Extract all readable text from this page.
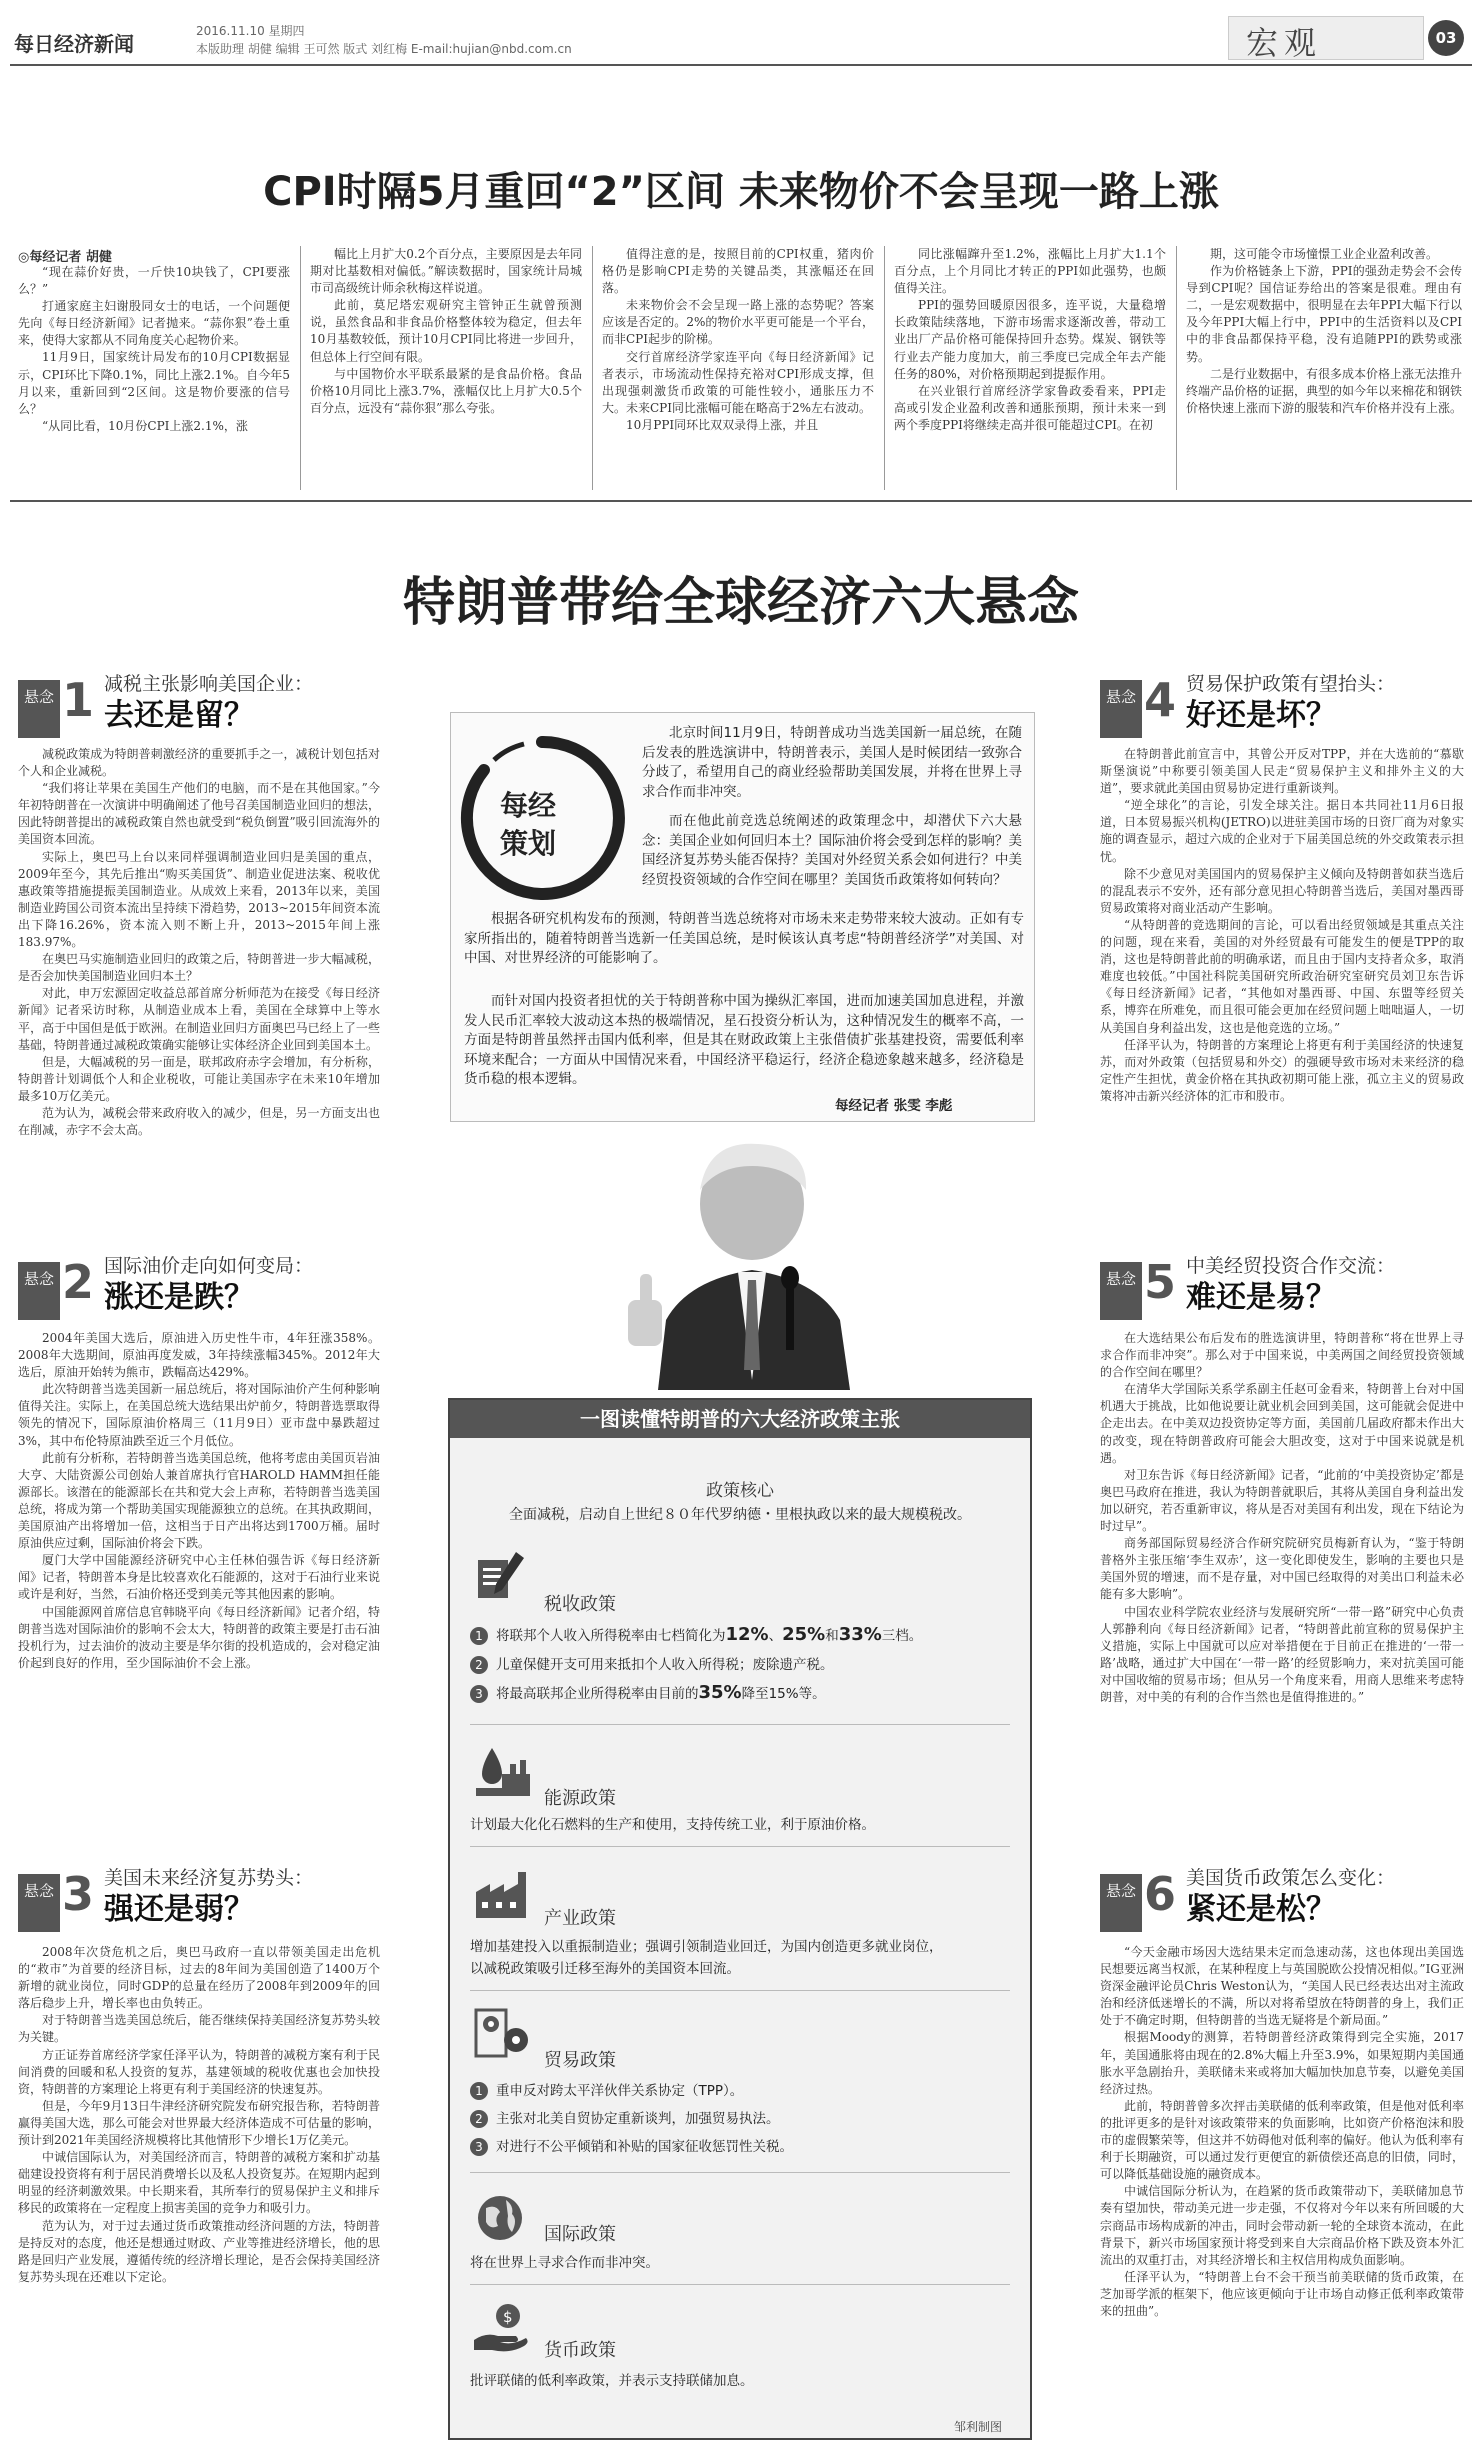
每日经济新闻
2016.11.10 星期四
本版助理 胡健 编辑 王可然 版式 刘红梅 E-mail:hujian@nbd.com.cn	宏观	03
CPI时隔5月重回“2”区间 未来物价不会呈现一路上涨
◎每经记者 胡健

“现在蒜价好贵，一斤快10块钱了，CPI要涨么？”

打通家庭主妇谢殷同女士的电话，一个问题便先向《每日经济新闻》记者抛来。“蒜你狠”卷土重来，使得大家都从不同角度关心起物价来。

11月9日，国家统计局发布的10月CPI数据显示，CPI环比下降0.1%，同比上涨2.1%。自今年5月以来，重新回到“2区间。这是物价要涨的信号么？

“从同比看，10月份CPI上涨2.1%，涨

幅比上月扩大0.2个百分点，主要原因是去年同期对比基数相对偏低。”解读数据时，国家统计局城市司高级统计师余秋梅这样说道。

此前，莫尼塔宏观研究主管钟正生就曾预测说，虽然食品和非食品价格整体较为稳定，但去年10月基数较低，预计10月CPI同比将进一步回升，但总体上行空间有限。

与中国物价水平联系最紧的是食品价格。食品价格10月同比上涨3.7%，涨幅仅比上月扩大0.5个百分点，远没有“蒜你狠”那么夸张。

值得注意的是，按照目前的CPI权重，猪肉价格仍是影响CPI走势的关键品类，其涨幅还在回落。

未来物价会不会呈现一路上涨的态势呢？答案应该是否定的。2%的物价水平更可能是一个平台，而非CPI起步的阶梯。

交行首席经济学家连平向《每日经济新闻》记者表示，市场流动性保持充裕对CPI形成支撑，但出现强刺激货币政策的可能性较小，通胀压力不大。未来CPI同比涨幅可能在略高于2%左右波动。

10月PPI同环比双双录得上涨，并且

同比涨幅蹿升至1.2%，涨幅比上月扩大1.1个百分点，上个月同比才转正的PPI如此强势，也颇值得关注。

PPI的强势回暖原因很多，连平说，大量稳增长政策陆续落地，下游市场需求逐渐改善，带动工业出厂产品价格可能保持回升态势。煤炭、钢铁等行业去产能力度加大，前三季度已完成全年去产能任务的80%，对价格预期起到提振作用。

在兴业银行首席经济学家鲁政委看来，PPI走高或引发企业盈利改善和通胀预期，预计未来一到两个季度PPI将继续走高并很可能超过CPI。在初

期，这可能令市场憧憬工业企业盈利改善。

作为价格链条上下游，PPI的强劲走势会不会传导到CPI呢？国信证券给出的答案是很难。理由有二，一是宏观数据中，很明显在去年PPI大幅下行以及今年PPI大幅上行中，PPI中的生活资料以及CPI中的非食品都保持平稳，没有追随PPI的跌势或涨势。

二是行业数据中，有很多成本价格上涨无法推升终端产品价格的证据，典型的如今年以来棉花和钢铁价格快速上涨而下游的服装和汽车价格并没有上涨。

特朗普带给全球经济六大悬念
每经
策划
北京时间11月9日，特朗普成功当选美国新一届总统，在随后发表的胜选演讲中，特朗普表示，美国人是时候团结一致弥合分歧了，希望用自己的商业经验帮助美国发展，并将在世界上寻求合作而非冲突。
而在他此前竞选总统阐述的政策理念中，却潜伏下六大悬念：美国企业如何回归本土？国际油价将会受到怎样的影响？美国经济复苏势头能否保持？美国对外经贸关系会如何进行？中美经贸投资领域的合作空间在哪里？美国货币政策将如何转向？
根据各研究机构发布的预测，特朗普当选总统将对市场未来走势带来较大波动。正如有专家所指出的，随着特朗普当选新一任美国总统，是时候该认真考虑“特朗普经济学”对美国、对中国、对世界经济的可能影响了。
而针对国内投资者担忧的关于特朗普称中国为操纵汇率国，进而加速美国加息进程，并激发人民币汇率较大波动这本热的极端情况，星石投资分析认为，这种情况发生的概率不高，一方面是特朗普虽然抨击国内低利率，但是其在财政政策上主张借债扩张基建投资，需要低利率环境来配合；一方面从中国情况来看，中国经济平稳运行，经济企稳迹象越来越多，经济稳是货币稳的根本逻辑。
每经记者 张雯 李彪
悬念 1 减税主张影响美国企业：
去还是留？

减税政策成为特朗普刺激经济的重要抓手之一，减税计划包括对个人和企业减税。

“我们将让苹果在美国生产他们的电脑，而不是在其他国家。”今年初特朗普在一次演讲中明确阐述了他号召美国制造业回归的想法，因此特朗普提出的减税政策自然也就受到“税负倒置”吸引回流海外的美国资本回流。

实际上，奥巴马上台以来同样强调制造业回归是美国的重点，2009年至今，其先后推出“购买美国货”、制造业促进法案、税收优惠政策等措施提振美国制造业。从成效上来看，2013年以来，美国制造业跨国公司资本流出呈持续下滑趋势，2013~2015年间资本流出下降16.26%，资本流入则不断上升，2013~2015年间上涨183.97%。

在奥巴马实施制造业回归的政策之后，特朗普进一步大幅减税，是否会加快美国制造业回归本土？

对此，申万宏源固定收益总部首席分析师范为在接受《每日经济新闻》记者采访时称，从制造业成本上看，美国在全球算中上等水平，高于中国但是低于欧洲。在制造业回归方面奥巴马已经上了一些基础，特朗普通过减税政策确实能够让实体经济企业回到美国本土。

但是，大幅减税的另一面是，联邦政府赤字会增加，有分析称，特朗普计划调低个人和企业税收，可能让美国赤字在未来10年增加最多10万亿美元。

范为认为，减税会带来政府收入的减少，但是，另一方面支出也在削减，赤字不会太高。

悬念 2 国际油价走向如何变局：
涨还是跌？

2004年美国大选后，原油进入历史性牛市，4年狂涨358%。2008年大选期间，原油再度发威，3年持续涨幅345%。2012年大选后，原油开始转为熊市，跌幅高达429%。

此次特朗普当选美国新一届总统后，将对国际油价产生何种影响值得关注。实际上，在美国总统大选结果出炉前夕，特朗普选票取得领先的情况下，国际原油价格周三（11月9日）亚市盘中暴跌超过3%，其中布伦特原油跌至近三个月低位。

此前有分析称，若特朗普当选美国总统，他将考虑由美国页岩油大亨、大陆资源公司创始人兼首席执行官HAROLD HAMM担任能源部长。该潜在的能源部长在共和党大会上声称，若特朗普当选美国总统，将成为第一个帮助美国实现能源独立的总统。在其执政期间，美国原油产出将增加一倍，这相当于日产出将达到1700万桶。届时原油供应过剩，国际油价将会下跌。

厦门大学中国能源经济研究中心主任林伯强告诉《每日经济新闻》记者，特朗普本身是比较喜欢化石能源的，这对于石油行业来说或许是利好，当然，石油价格还受到美元等其他因素的影响。

中国能源网首席信息官韩晓平向《每日经济新闻》记者介绍，特朗普当选对国际油价的影响不会太大，特朗普的政策主要是打击石油投机行为，过去油价的波动主要是华尔街的投机造成的，会对稳定油价起到良好的作用，至少国际油价不会上涨。

悬念 3 美国未来经济复苏势头：
强还是弱？

2008年次贷危机之后，奥巴马政府一直以带领美国走出危机的“救市”为首要的经济目标，过去的8年间为美国创造了1400万个新增的就业岗位，同时GDP的总量在经历了2008年到2009年的回落后稳步上升，增长率也由负转正。

对于特朗普当选美国总统后，能否继续保持美国经济复苏势头较为关键。

方正证券首席经济学家任泽平认为，特朗普的减税方案有利于民间消费的回暖和私人投资的复苏，基建领域的税收优惠也会加快投资，特朗普的方案理论上将更有利于美国经济的快速复苏。

但是，今年9月13日牛津经济研究院发布研究报告称，若特朗普赢得美国大选，那么可能会对世界最大经济体造成不可估量的影响，预计到2021年美国经济规模将比其他情形下少增长1万亿美元。

中诚信国际认为，对美国经济而言，特朗普的减税方案和扩动基础建设投资将有利于居民消费增长以及私人投资复苏。在短期内起到明显的经济刺激效果。中长期来看，其所奉行的贸易保护主义和排斥移民的政策将在一定程度上损害美国的竞争力和吸引力。

范为认为，对于过去通过货币政策推动经济问题的方法，特朗普是持反对的态度，他还是想通过财政、产业等推进经济增长，他的思路是回归产业发展，遵循传统的经济增长理论，是否会保持美国经济复苏势头现在还难以下定论。

悬念 4 贸易保护政策有望抬头：
好还是坏？

在特朗普此前宣言中，其曾公开反对TPP，并在大选前的“慕歇斯堡演说”中称要引领美国人民走“贸易保护主义和排外主义的大道”，要求就此美国由贸易协定进行重新谈判。

“逆全球化”的言论，引发全球关注。据日本共同社11月6日报道，日本贸易振兴机构(JETRO)以进驻美国市场的日资厂商为对象实施的调查显示，超过六成的企业对于下届美国总统的外交政策表示担忧。

除不少意见对美国国内的贸易保护主义倾向及特朗普如获当选后的混乱表示不安外，还有部分意见担心特朗普当选后，美国对墨西哥贸易政策将对商业活动产生影响。

“从特朗普的竞选期间的言论，可以看出经贸领域是其重点关注的问题，现在来看，美国的对外经贸最有可能发生的便是TPP的取消，这也是特朗普此前的明确承诺，而且由于国内支持者众多，取消难度也较低。”中国社科院美国研究所政治研究室研究员刘卫东告诉《每日经济新闻》记者，“其他如对墨西哥、中国、东盟等经贸关系，博弈在所难免，而且很可能会更加在经贸问题上咄咄逼人，一切从美国自身利益出发，这也是他竞选的立场。”

任泽平认为，特朗普的方案理论上将更有利于美国经济的快速复苏，而对外政策（包括贸易和外交）的强硬导致市场对未来经济的稳定性产生担忧，黄金价格在其执政初期可能上涨，孤立主义的贸易政策将冲击新兴经济体的汇市和股市。

悬念 5 中美经贸投资合作交流：
难还是易？

在大选结果公布后发布的胜选演讲里，特朗普称“将在世界上寻求合作而非冲突”。那么对于中国来说，中美两国之间经贸投资领域的合作空间在哪里？

在清华大学国际关系学系副主任赵可金看来，特朗普上台对中国机遇大于挑战，比如他说要让就业机会回到美国，这可能就会促进中企走出去。在中美双边投资协定等方面，美国前几届政府都未作出大的改变，现在特朗普政府可能会大胆改变，这对于中国来说就是机遇。

对卫东告诉《每日经济新闻》记者，“此前的‘中美投资协定’都是奥巴马政府在推进，我认为特朗普就职后，其将从美国自身利益出发加以研究，若否重新审议，将从是否对美国有利出发，现在下结论为时过早”。

商务部国际贸易经济合作研究院研究员梅新育认为，“鉴于特朗普格外主张压缩‘李生双赤’，这一变化即使发生，影响的主要也只是美国外贸的增速，而不是存量，对中国已经取得的对美出口利益未必能有多大影响”。

中国农业科学院农业经济与发展研究所“一带一路”研究中心负责人郭静利向《每日经济新闻》记者，“特朗普此前宣称的贸易保护主义措施，实际上中国就可以应对举措便在于目前正在推进的‘一带一路’战略，通过扩大中国在‘一带一路’的经贸影响力，来对抗美国可能对中国收缩的贸易市场；但从另一个角度来看，用商人思维来考虑特朗普，对中美的有利的合作当然也是值得推进的。”

悬念 6 美国货币政策怎么变化：
紧还是松？

“今天金融市场因大选结果未定而急速动荡，这也体现出美国选民想要远离当权派，在某种程度上与英国脱欧公投情况相似。”IG亚洲资深金融评论员Chris Weston认为，“美国人民已经表达出对主流政治和经济低迷增长的不满，所以对将希望放在特朗普的身上，我们正处于不确定时期，但特朗普的当选无疑将是个新局面。”

根据Moody的测算，若特朗普经济政策得到完全实施，2017年，美国通胀将由现在的2.8%大幅上升至3.9%，如果短期内美国通胀水平急剧抬升，美联储未来或将加大幅加快加息节奏，以避免美国经济过热。

此前，特朗普曾多次抨击美联储的低利率政策，但是他对低利率的批评更多的是针对该政策带来的负面影响，比如资产价格泡沫和股市的虚假繁荣等，但这并不妨碍他对低利率的偏好。他认为低利率有利于长期融资，可以通过发行更便宜的新债偿还高息的旧债，同时，可以降低基础设施的融资成本。

中诚信国际分析认为，在趋紧的货币政策带动下，美联储加息节奏有望加快，带动美元进一步走强，不仅将对今年以来有所回暖的大宗商品市场构成新的冲击，同时会带动新一轮的全球资本流动，在此背景下，新兴市场国家预计将受到来自大宗商品价格下跌及资本外汇流出的双重打击，对其经济增长和主权信用构成负面影响。

任泽平认为，“特朗普上台不会干预当前美联储的货币政策，在芝加哥学派的框架下，他应该更倾向于让市场自动修正低利率政策带来的扭曲”。

一图读懂特朗普的六大经济政策主张
政策核心
全面减税，启动自上世纪８０年代罗纳德・里根执政以来的最大规模税改。
税收政策
1 将联邦个人收入所得税率由七档简化为12%、25%和33%三档。
2 儿童保健开支可用来抵扣个人收入所得税；废除遗产税。
3 将最高联邦企业所得税率由目前的35%降至15%等。
能源政策
计划最大化化石燃料的生产和使用，支持传统工业，利于原油价格。
产业政策
增加基建投入以重振制造业；强调引领制造业回迁，为国内创造更多就业岗位，
以减税政策吸引迁移至海外的美国资本回流。
贸易政策
1 重申反对跨太平洋伙伴关系协定（TPP）。
2 主张对北美自贸协定重新谈判，加强贸易执法。
3 对进行不公平倾销和补贴的国家征收惩罚性关税。
国际政策
将在世界上寻求合作而非冲突。
$
货币政策
批评联储的低利率政策，并表示支持联储加息。
邹利制图
